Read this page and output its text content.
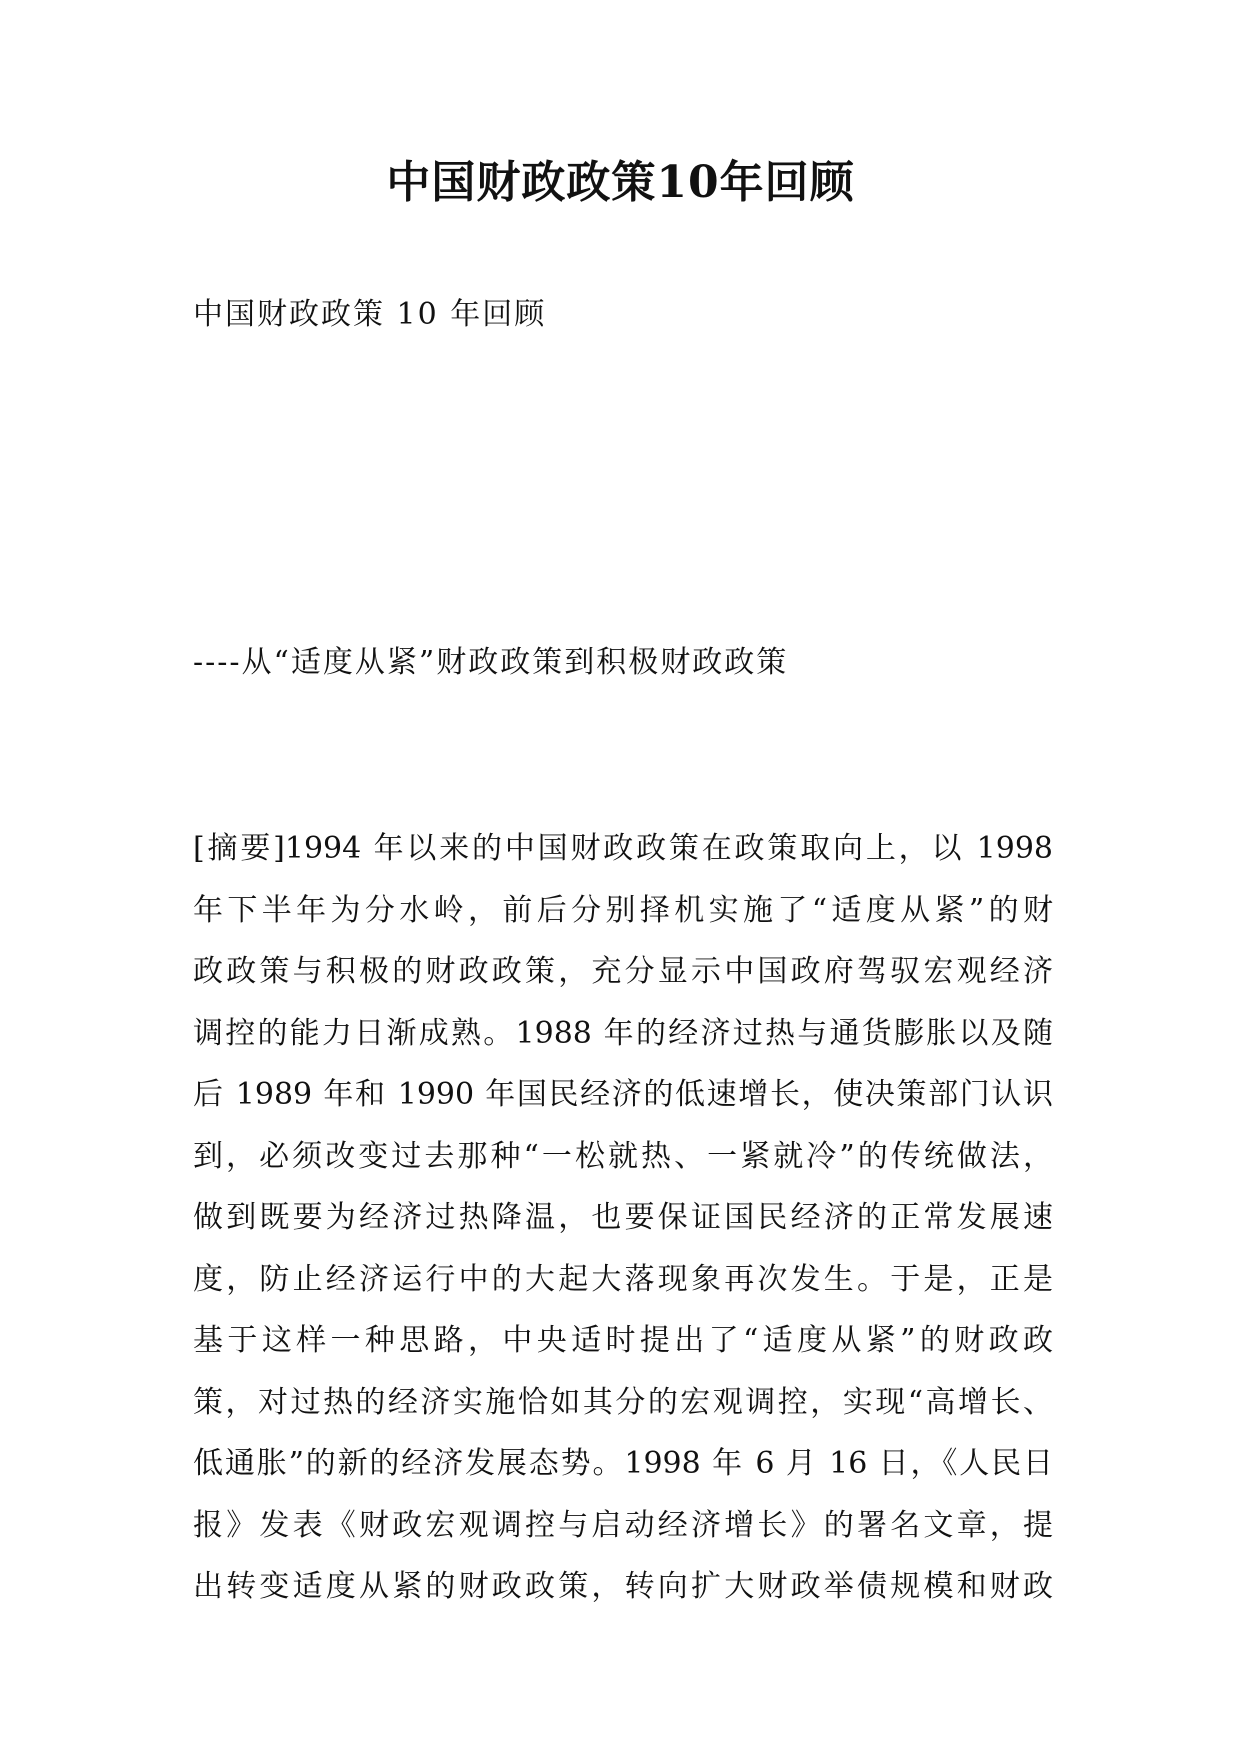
中国财政政策10年回顾
中国财政政策 10 年回顾
----从“适度从紧”财政政策到积极财政政策
[摘要]1994 年以来的中国财政政策在政策取向上，以 1998
年下半年为分水岭，前后分别择机实施了“适度从紧”的财
政政策与积极的财政政策，充分显示中国政府驾驭宏观经济
调控的能力日渐成熟。1988 年的经济过热与通货膨胀以及随
后 1989 年和 1990 年国民经济的低速增长，使决策部门认识
到，必须改变过去那种“一松就热、一紧就冷”的传统做法，
做到既要为经济过热降温，也要保证国民经济的正常发展速
度，防止经济运行中的大起大落现象再次发生。于是，正是
基于这样一种思路，中央适时提出了“适度从紧”的财政政
策，对过热的经济实施恰如其分的宏观调控，实现“高增长、
低通胀”的新的经济发展态势。1998 年 6 月 16 日，《人民日
报》发表《财政宏观调控与启动经济增长》的署名文章，提
出转变适度从紧的财政政策，转向扩大财政举债规模和财政
